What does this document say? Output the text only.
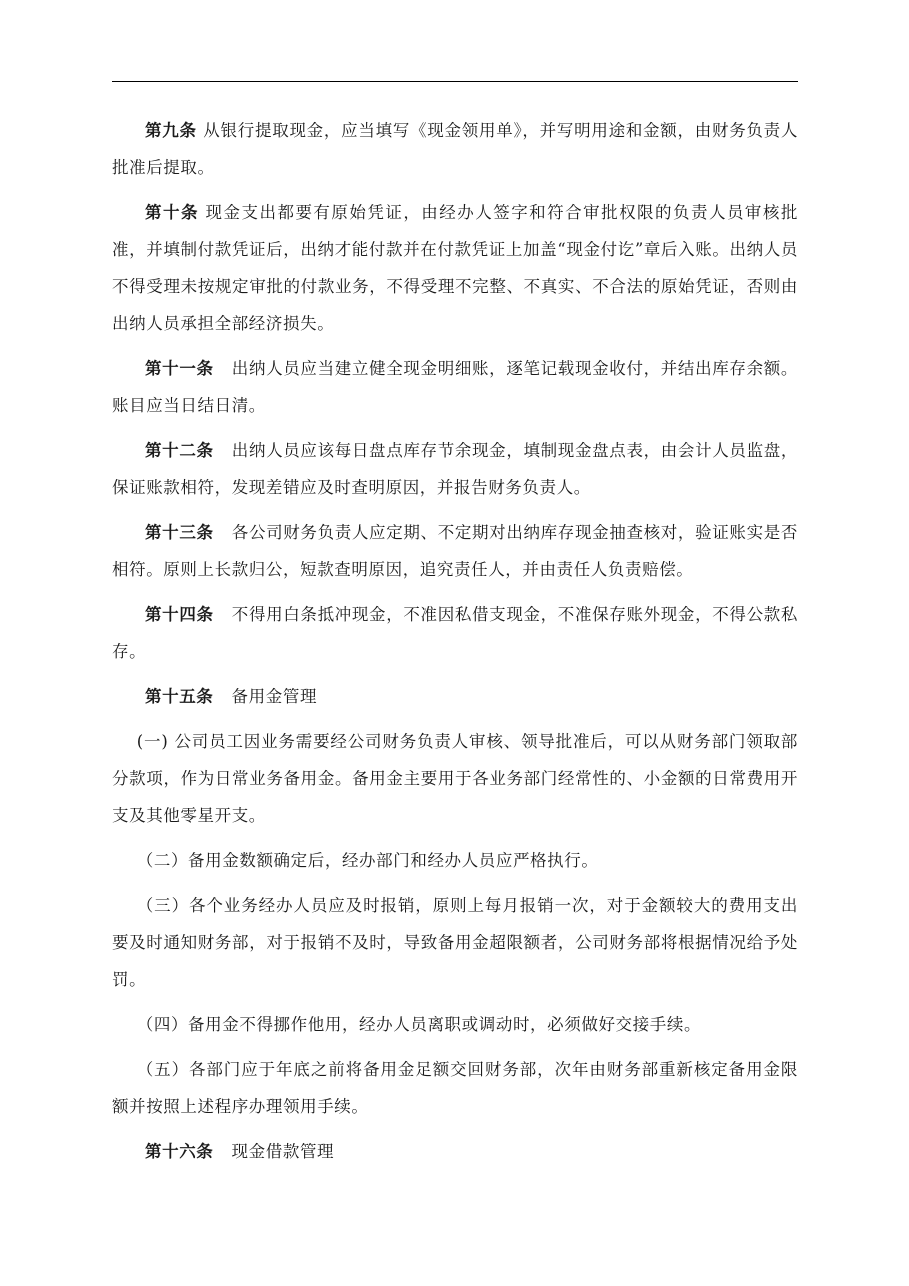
第九条 从银行提取现金，应当填写《现金领用单》，并写明用途和金额，由财务负责人批准后提取。

第十条 现金支出都要有原始凭证，由经办人签字和符合审批权限的负责人员审核批准，并填制付款凭证后，出纳才能付款并在付款凭证上加盖“现金付讫”章后入账。出纳人员不得受理未按规定审批的付款业务，不得受理不完整、不真实、不合法的原始凭证，否则由出纳人员承担全部经济损失。

第十一条 出纳人员应当建立健全现金明细账，逐笔记载现金收付，并结出库存余额。账目应当日结日清。

第十二条 出纳人员应该每日盘点库存节余现金，填制现金盘点表，由会计人员监盘，保证账款相符，发现差错应及时查明原因，并报告财务负责人。

第十三条 各公司财务负责人应定期、不定期对出纳库存现金抽查核对，验证账实是否相符。原则上长款归公，短款查明原因，追究责任人，并由责任人负责赔偿。

第十四条 不得用白条抵冲现金，不准因私借支现金，不准保存账外现金，不得公款私存。

第十五条 备用金管理

(一) 公司员工因业务需要经公司财务负责人审核、领导批准后，可以从财务部门领取部分款项，作为日常业务备用金。备用金主要用于各业务部门经常性的、小金额的日常费用开支及其他零星开支。

（二）备用金数额确定后，经办部门和经办人员应严格执行。

（三）各个业务经办人员应及时报销，原则上每月报销一次，对于金额较大的费用支出要及时通知财务部，对于报销不及时，导致备用金超限额者，公司财务部将根据情况给予处罚。

（四）备用金不得挪作他用，经办人员离职或调动时，必须做好交接手续。

（五）各部门应于年底之前将备用金足额交回财务部，次年由财务部重新核定备用金限额并按照上述程序办理领用手续。

第十六条 现金借款管理
